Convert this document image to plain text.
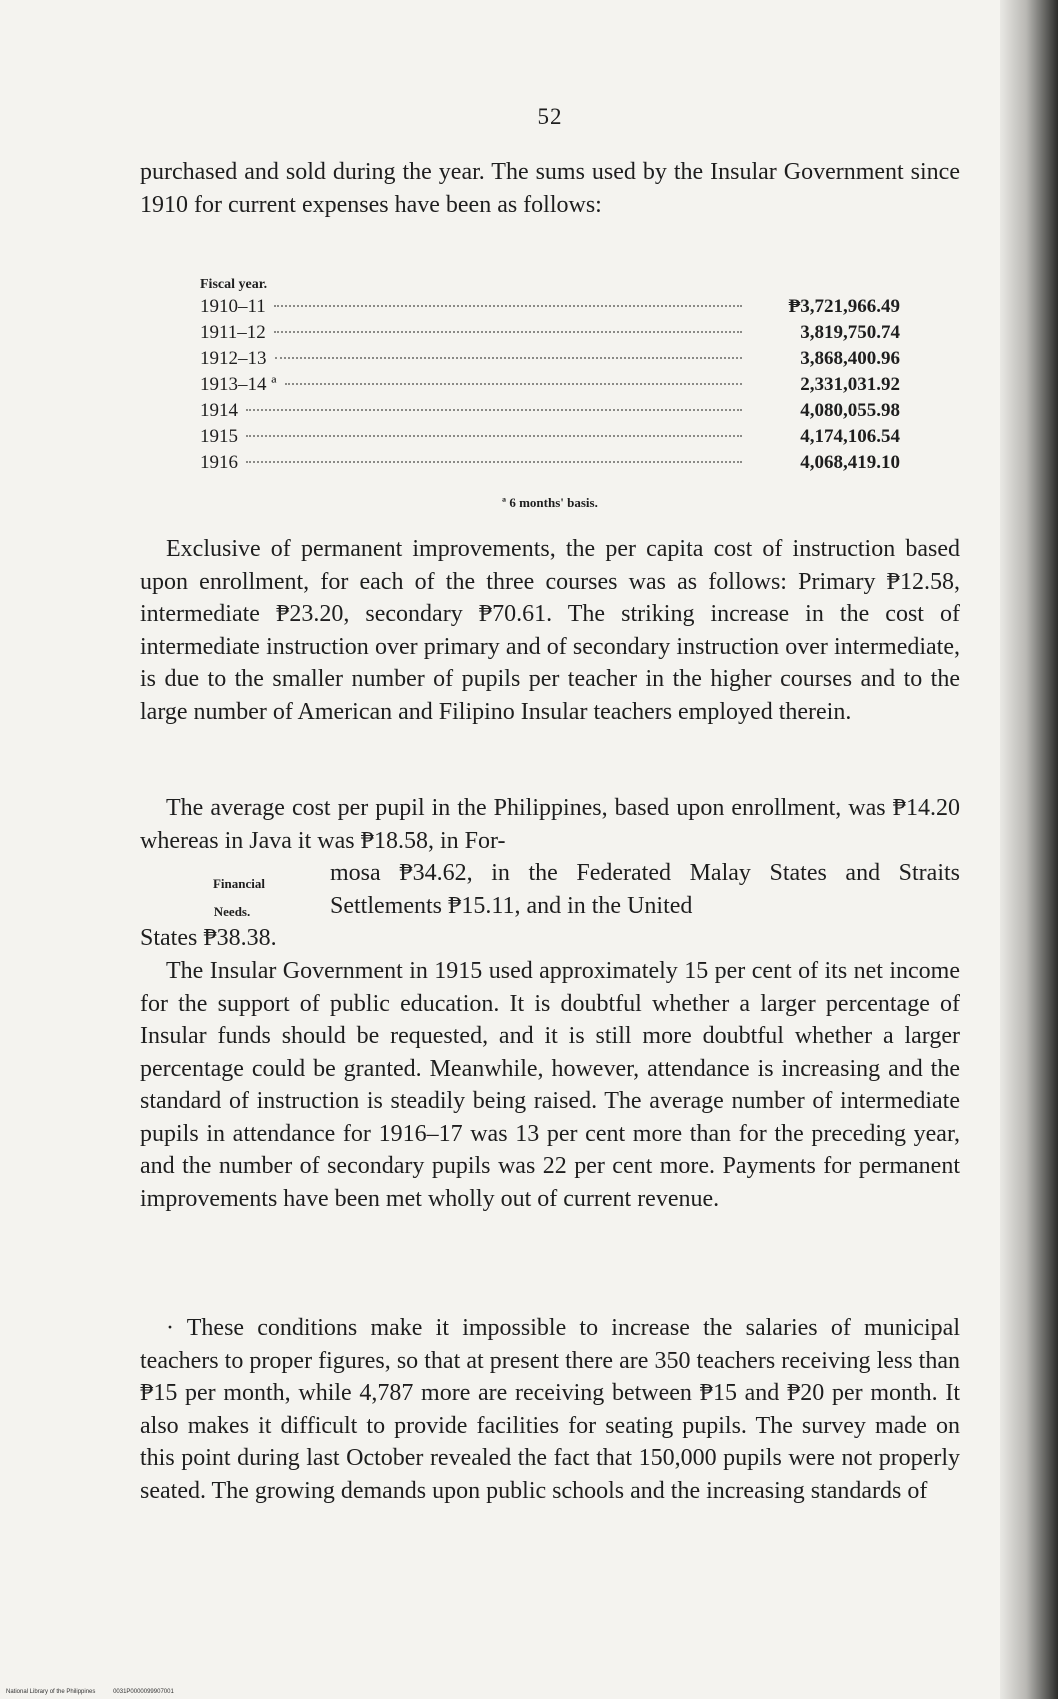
52

purchased and sold during the year. The sums used by the Insular Government since 1910 for current expenses have been as follows:

Fiscal year.
1910–11	₱3,721,966.49
1911–12	3,819,750.74
1912–13	3,868,400.96
1913–14 ª	2,331,031.92
1914	4,080,055.98
1915	4,174,106.54
1916	4,068,419.10
ª 6 months' basis.

Exclusive of permanent improvements, the per capita cost of instruction based upon enrollment, for each of the three courses was as follows: Primary ₱12.58, intermediate ₱23.20, secondary ₱70.61. The striking increase in the cost of intermediate instruction over primary and of secondary instruction over intermediate, is due to the smaller number of pupils per teacher in the higher courses and to the large number of American and Filipino Insular teachers employed therein.

The average cost per pupil in the Philippines, based upon enrollment, was ₱14.20 whereas in Java it was ₱18.58, in For-
mosa ₱34.62, in the Federated Malay States and Straits Settlements ₱15.11, and in the United
States ₱38.38.
Financial
Needs.

The Insular Government in 1915 used approximately 15 per cent of its net income for the support of public education. It is doubtful whether a larger percentage of Insular funds should be requested, and it is still more doubtful whether a larger percentage could be granted. Meanwhile, however, attendance is increasing and the standard of instruction is steadily being raised. The average number of intermediate pupils in attendance for 1916–17 was 13 per cent more than for the preceding year, and the number of secondary pupils was 22 per cent more. Payments for permanent improvements have been met wholly out of current revenue.

· These conditions make it impossible to increase the salaries of municipal teachers to proper figures, so that at present there are 350 teachers receiving less than ₱15 per month, while 4,787 more are receiving between ₱15 and ₱20 per month. It also makes it difficult to provide facilities for seating pupils. The survey made on this point during last October revealed the fact that 150,000 pupils were not properly seated. The growing demands upon public schools and the increasing standards of

National Library of the Philippines	0031P0000099907001
